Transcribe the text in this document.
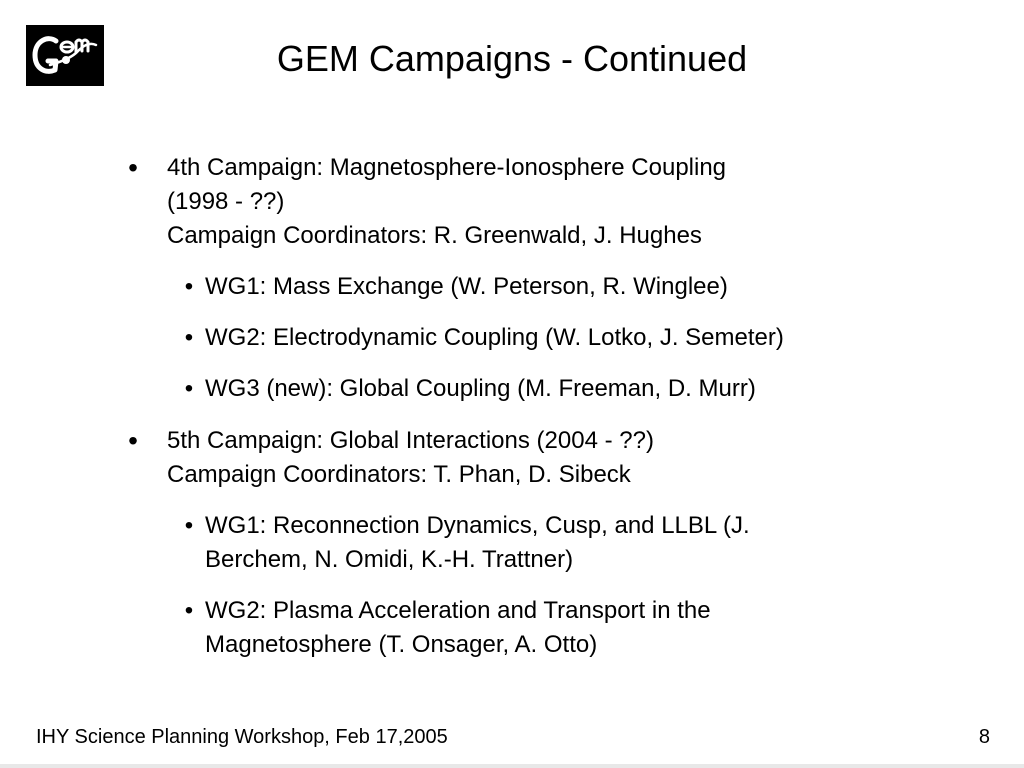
GEM Campaigns - Continued
• 4th Campaign: Magnetosphere-Ionosphere Coupling
(1998 - ??)
Campaign Coordinators: R. Greenwald, J. Hughes
• WG1: Mass Exchange (W. Peterson, R. Winglee)
• WG2: Electrodynamic Coupling (W. Lotko, J. Semeter)
• WG3 (new): Global Coupling (M. Freeman, D. Murr)
• 5th Campaign: Global Interactions (2004 - ??)
Campaign Coordinators: T. Phan, D. Sibeck
• WG1: Reconnection Dynamics, Cusp, and LLBL (J.
Berchem, N. Omidi, K.-H. Trattner)
• WG2: Plasma Acceleration and Transport in the
Magnetosphere (T. Onsager, A. Otto)
IHY Science Planning Workshop, Feb 17,2005	8
